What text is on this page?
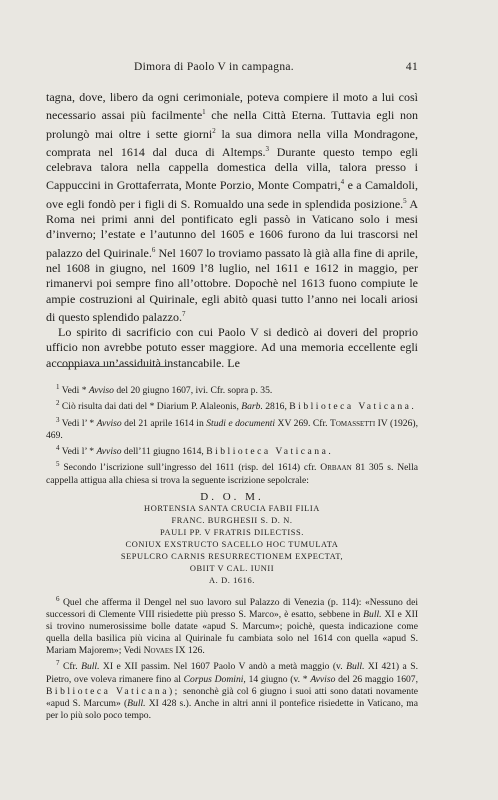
Dimora di Paolo V in campagna.	41

tagna, dove, libero da ogni cerimoniale, poteva compiere il moto a lui così necessario assai più facilmente$^1$ che nella Città Eterna. Tuttavia egli non prolungò mai oltre i sette giorni$^2$ la sua dimora nella villa Mondragone, comprata nel 1614 dal duca di Altemps.$^3$ Durante questo tempo egli celebrava talora nella cappella domestica della villa, talora presso i Cappuccini in Grottaferrata, Monte Porzio, Monte Compatri,$^4$ e a Camaldoli, ove egli fondò per i figli di S. Romualdo una sede in splendida posizione.$^5$ A Roma nei primi anni del pontificato egli passò in Vaticano solo i mesi d’inverno; l’estate e l’autunno del 1605 e 1606 furono da lui trascorsi nel palazzo del Quirinale.$^6$ Nel 1607 lo troviamo passato là già alla fine di aprile, nel 1608 in giugno, nel 1609 l’8 luglio, nel 1611 e 1612 in maggio, per rimanervi poi sempre fino all’ottobre. Dopochè nel 1613 fuono compiute le ampie costruzioni al Quirinale, egli abitò quasi tutto l’anno nei locali ariosi di questo splendido palazzo.$^7$

Lo spirito di sacrificio con cui Paolo V si dedicò ai doveri del proprio ufficio non avrebbe potuto esser maggiore. Ad una memoria eccellente egli accoppiava un’assiduità instancabile. Le

$^1$ Vedi * Avviso del 20 giugno 1607, ivi. Cfr. sopra p. 35.

$^2$ Ciò risulta dai dati del * Diarium P. Alaleonis, Barb. 2816, Biblioteca Vaticana.

$^3$ Vedi l’ * Avviso del 21 aprile 1614 in Studi e documenti XV 269. Cfr. Tomassetti IV (1926), 469.

$^4$ Vedi l’ * Avviso dell’11 giugno 1614, Biblioteca Vaticana.

$^5$ Secondo l’iscrizione sull’ingresso del 1611 (risp. del 1614) cfr. Orbaan 81 305 s. Nella cappella attigua alla chiesa si trova la seguente iscrizione sepolcrale:

D. O. M.
HORTENSIA SANTA CRUCIA FABII FILIA
FRANC. BURGHESII S. D. N.
PAULI PP. V FRATRIS DILECTISS.
CONIUX EXSTRUCTO SACELLO HOC TUMULATA
SEPULCRO CARNIS RESURRECTIONEM EXPECTAT,
OBIIT V CAL. IUNII
A. D. 1616.

$^6$ Quel che afferma il Dengel nel suo lavoro sul Palazzo di Venezia (p. 114): «Nessuno dei successori di Clemente VIII risiedette più presso S. Marco», è esatto, sebbene in Bull. XI e XII si trovino numerosissime bolle datate «apud S. Marcum»; poichè, questa indicazione come quella della basilica più vicina al Quirinale fu cambiata solo nel 1614 con quella «apud S. Mariam Majorem»; Vedi Novaes IX 126.

$^7$ Cfr. Bull. XI e XII passim. Nel 1607 Paolo V andò a metà maggio (v. Bull. XI 421) a S. Pietro, ove voleva rimanere fino al Corpus Domini, 14 giugno (v. * Avviso del 26 maggio 1607, Biblioteca Vaticana); senonchè già col 6 giugno i suoi atti sono datati novamente «apud S. Marcum» (Bull. XI 428 s.). Anche in altri anni il pontefice risiedette in Vaticano, ma per lo più solo poco tempo.
